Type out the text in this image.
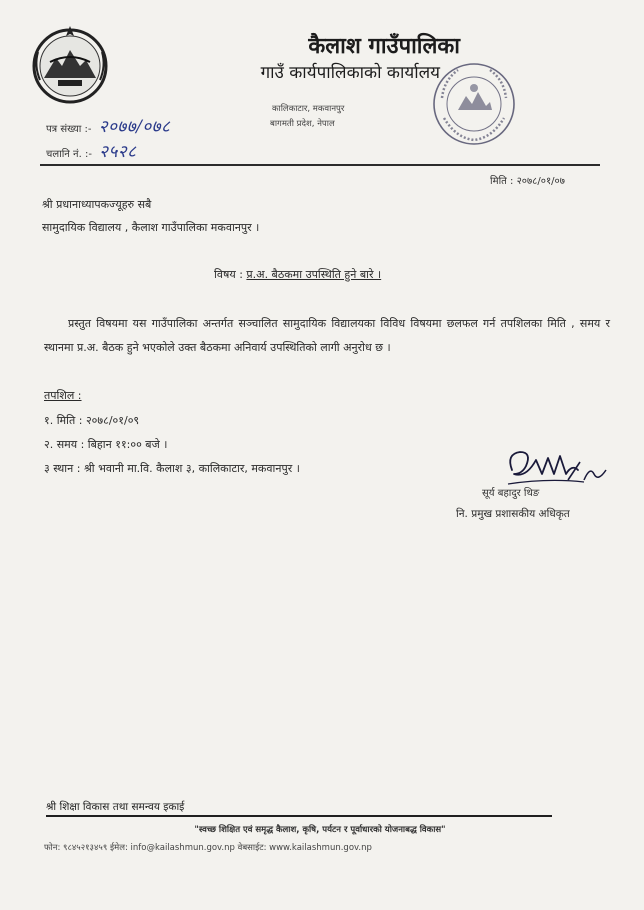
कैलाश गाउँपालिका
गाउँ कार्यपालिकाको कार्यालय
कालिकाटार, मकवानपुर
बागमती प्रदेश, नेपाल
पत्र संख्या :- २०७७/०७८
चलानि नं. :- २५२८
मिति : २०७८/०१/०७
श्री प्रधानाध्यापकज्यूहरु सबै
सामुदायिक विद्यालय , कैलाश गाउँपालिका मकवानपुर ।
विषय : प्र.अ. बैठकमा उपस्थिति हुने बारे ।
प्रस्तुत विषयमा यस गाउँपालिका अन्तर्गत सञ्चालित सामुदायिक विद्यालयका विविध विषयमा छलफल गर्न तपशिलका मिति , समय र स्थानमा प्र.अ. बैठक हुने भएकोले उक्त बैठकमा अनिवार्य उपस्थितिको लागी अनुरोध छ ।
तपशिल :
१. मिति : २०७८/०१/०९
२. समय : बिहान ११:०० बजे ।
३ स्थान : श्री भवानी मा.वि. कैलाश ३, कालिकाटार, मकवानपुर ।
सूर्य बहादुर थिङ
नि. प्रमुख प्रशासकीय अधिकृत
श्री शिक्षा विकास तथा समन्वय इकाई
"स्वच्छ शिक्षित एवं समृद्ध कैलाश, कृषि, पर्यटन र पूर्वाधारको योजनाबद्ध विकास"
फोन: ९८४५२१३४५९ ईमेल: info@kailashmun.gov.np वेबसाईट: www.kailashmun.gov.np
